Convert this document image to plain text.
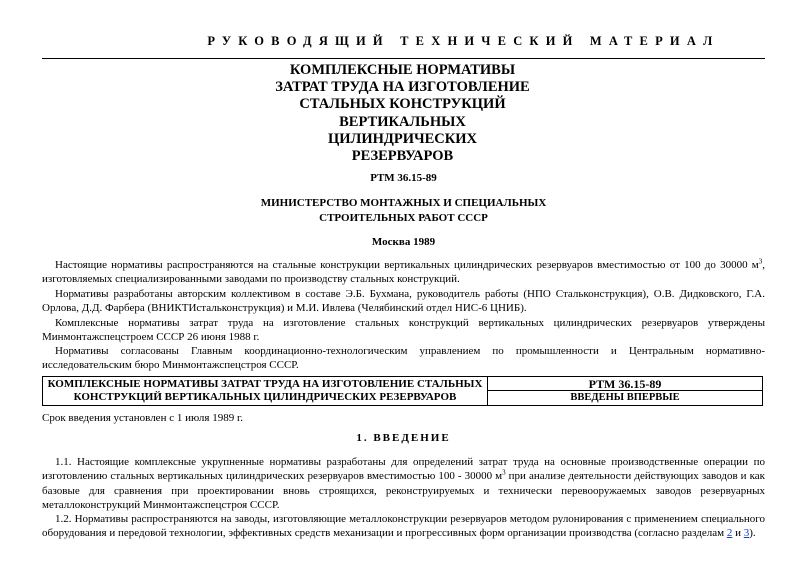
РУКОВОДЯЩИЙ ТЕХНИЧЕСКИЙ МАТЕРИАЛ
КОМПЛЕКСНЫЕ НОРМАТИВЫ
ЗАТРАТ ТРУДА НА ИЗГОТОВЛЕНИЕ
СТАЛЬНЫХ КОНСТРУКЦИЙ
ВЕРТИКАЛЬНЫХ
ЦИЛИНДРИЧЕСКИХ
РЕЗЕРВУАРОВ
РТМ 36.15-89
МИНИСТЕРСТВО МОНТАЖНЫХ И СПЕЦИАЛЬНЫХ
СТРОИТЕЛЬНЫХ РАБОТ СССР
Москва 1989
Настоящие нормативы распространяются на стальные конструкции вертикальных цилиндрических резервуаров вместимостью от 100 до 30000 $м^3$, изготовляемых специализированными заводами по производству стальных конструкций.
Нормативы разработаны авторским коллективом в составе Э.Б. Бухмана, руководитель работы (НПО Стальконструкция), О.В. Дидковского, Г.А. Орлова, Д.Д. Фарбера (ВНИКТИстальконструкция) и М.И. Ивлева (Челябинский отдел НИС-6 ЦНИБ).
Комплексные нормативы затрат труда на изготовление стальных конструкций вертикальных цилиндрических резервуаров утверждены Минмонтажспецстроем СССР 26 июня 1988 г.
Нормативы согласованы Главным координационно-технологическим управлением по промышленности и Центральным нормативно-исследовательским бюро Минмонтажспецстроя СССР.
КОМПЛЕКСНЫЕ НОРМАТИВЫ ЗАТРАТ ТРУДА НА ИЗГОТОВЛЕНИЕ СТАЛЬНЫХ
КОНСТРУКЦИЙ ВЕРТИКАЛЬНЫХ ЦИЛИНДРИЧЕСКИХ РЕЗЕРВУАРОВ
РТМ 36.15-89
ВВЕДЕНЫ ВПЕРВЫЕ
Срок введения установлен с 1 июля 1989 г.
1. ВВЕДЕНИЕ
1.1. Настоящие комплексные укрупненные нормативы разработаны для определений затрат труда на основные производственные операции по изготовлению стальных вертикальных цилиндрических резервуаров вместимостью 100 - 30000 $м^3$ при анализе деятельности действующих заводов и как базовые для сравнения при проектировании вновь строящихся, реконструируемых и технически перевооружаемых заводов резервуарных металлоконструкций Минмонтажспецстроя СССР.
1.2. Нормативы распространяются на заводы, изготовляющие металлоконструкции резервуаров методом рулонирования с применением специального оборудования и передовой технологии, эффективных средств механизации и прогрессивных форм организации производства (согласно разделам 2 и 3).
